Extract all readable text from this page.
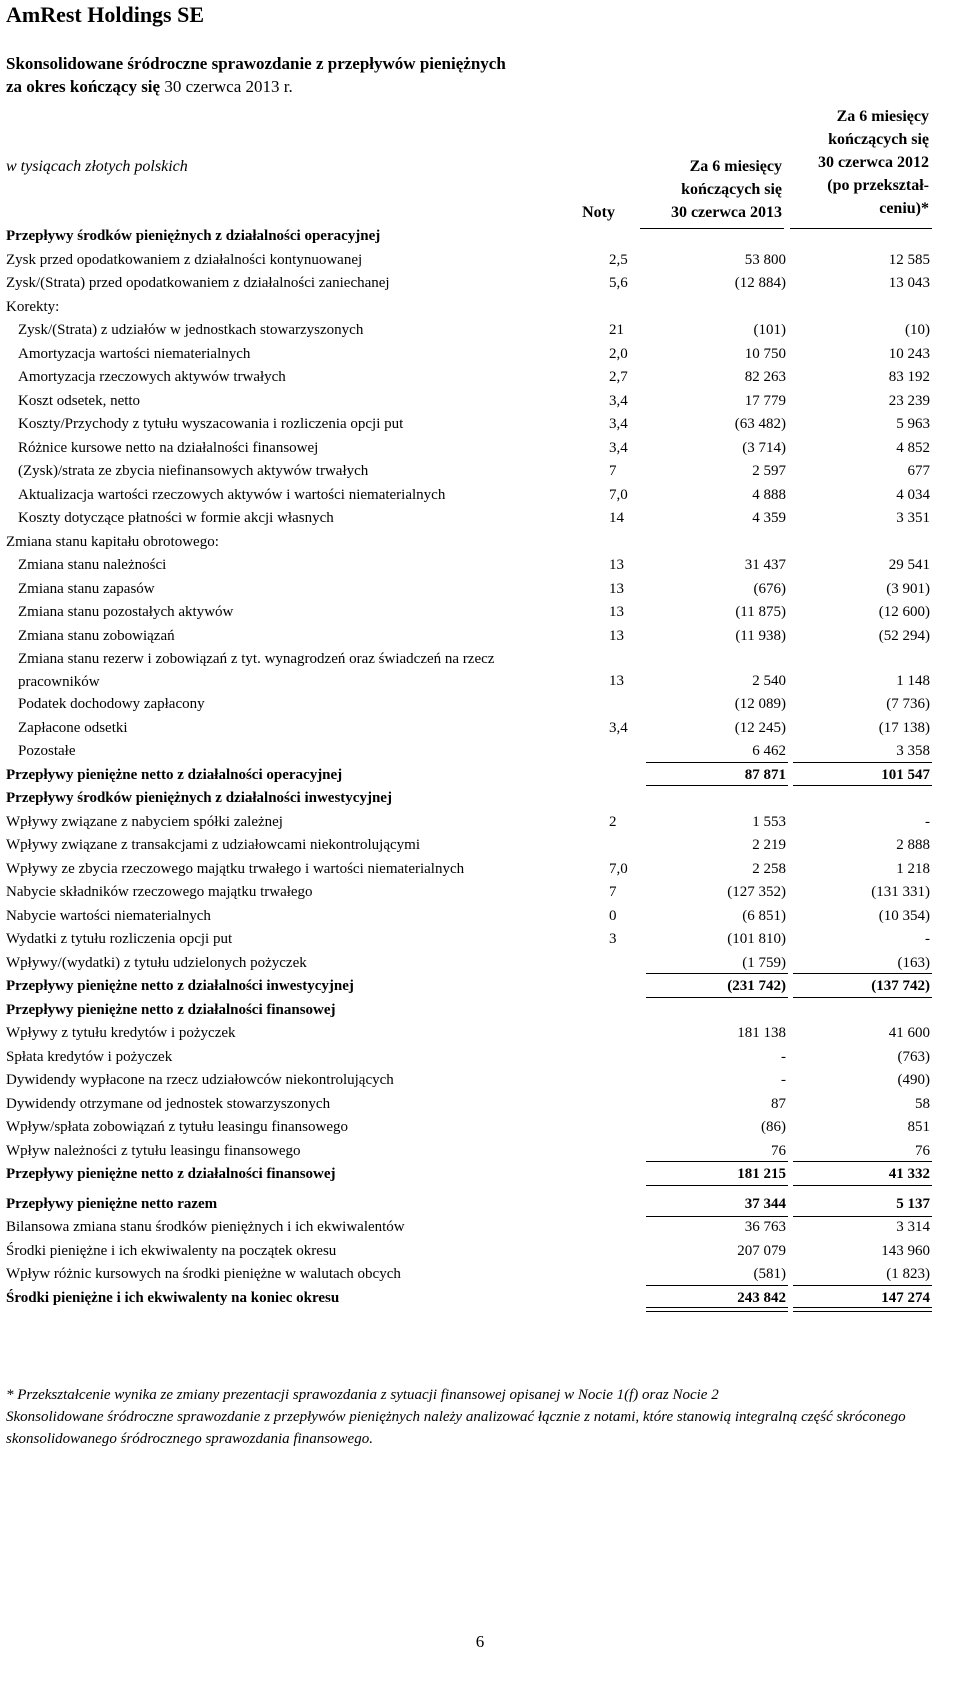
AmRest Holdings SE
Skonsolidowane śródroczne sprawozdanie z przepływów pieniężnych
za okres kończący się 30 czerwca 2013 r.
w tysiącach złotych polskich
Noty
Za 6 miesięcy
kończących się
30 czerwca 2013
Za 6 miesięcy
kończących się
30 czerwca 2012
(po przekształ-
ceniu)*
Przepływy środków pieniężnych z działalności operacyjnej
Zysk przed opodatkowaniem z działalności kontynuowanej	2,5	53 800	12 585
Zysk/(Strata) przed opodatkowaniem z działalności zaniechanej	5,6	(12 884)	13 043
Korekty:
Zysk/(Strata) z udziałów w jednostkach stowarzyszonych	21	(101)	(10)
Amortyzacja wartości niematerialnych	2,0	10 750	10 243
Amortyzacja rzeczowych aktywów trwałych	2,7	82 263	83 192
Koszt odsetek, netto	3,4	17 779	23 239
Koszty/Przychody z tytułu wyszacowania i rozliczenia opcji put	3,4	(63 482)	5 963
Różnice kursowe netto na działalności finansowej	3,4	(3 714)	4 852
(Zysk)/strata ze zbycia niefinansowych aktywów trwałych	7	2 597	677
Aktualizacja wartości rzeczowych aktywów i wartości niematerialnych	7,0	4 888	4 034
Koszty dotyczące płatności w formie akcji własnych	14	4 359	3 351
Zmiana stanu kapitału obrotowego:
Zmiana stanu należności	13	31 437	29 541
Zmiana stanu zapasów	13	(676)	(3 901)
Zmiana stanu pozostałych aktywów	13	(11 875)	(12 600)
Zmiana stanu zobowiązań	13	(11 938)	(52 294)
Zmiana stanu rezerw i zobowiązań z tyt. wynagrodzeń oraz świadczeń na rzecz pracowników	13	2 540	1 148
Podatek dochodowy zapłacony	(12 089)	(7 736)
Zapłacone odsetki	3,4	(12 245)	(17 138)
Pozostałe	6 462	3 358
Przepływy pieniężne netto z działalności operacyjnej	87 871	101 547
Przepływy środków pieniężnych z działalności inwestycyjnej
Wpływy związane z nabyciem spółki zależnej	2	1 553	-
Wpływy związane z transakcjami z udziałowcami niekontrolującymi	2 219	2 888
Wpływy ze zbycia rzeczowego majątku trwałego i wartości niematerialnych	7,0	2 258	1 218
Nabycie składników rzeczowego majątku trwałego	7	(127 352)	(131 331)
Nabycie wartości niematerialnych	0	(6 851)	(10 354)
Wydatki z tytułu rozliczenia opcji put	3	(101 810)	-
Wpływy/(wydatki) z tytułu udzielonych pożyczek	(1 759)	(163)
Przepływy pieniężne netto z działalności inwestycyjnej	(231 742)	(137 742)
Przepływy pieniężne netto z działalności finansowej
Wpływy z tytułu kredytów i pożyczek	181 138	41 600
Spłata kredytów i pożyczek	-	(763)
Dywidendy wypłacone na rzecz udziałowców niekontrolujących	-	(490)
Dywidendy otrzymane od jednostek stowarzyszonych	87	58
Wpływ/spłata zobowiązań z tytułu leasingu finansowego	(86)	851
Wpływ należności z tytułu leasingu finansowego	76	76
Przepływy pieniężne netto z działalności finansowej	181 215	41 332
Przepływy pieniężne netto razem	37 344	5 137
Bilansowa zmiana stanu środków pieniężnych i ich ekwiwalentów	36 763	3 314
Środki pieniężne i ich ekwiwalenty na początek okresu	207 079	143 960
Wpływ różnic kursowych na środki pieniężne w walutach obcych	(581)	(1 823)
Środki pieniężne i ich ekwiwalenty na koniec okresu	243 842	147 274
* Przekształcenie wynika ze zmiany prezentacji sprawozdania z sytuacji finansowej opisanej w Nocie 1(f) oraz Nocie 2
Skonsolidowane śródroczne sprawozdanie z przepływów pieniężnych należy analizować łącznie z notami, które stanowią integralną część skróconego skonsolidowanego śródrocznego sprawozdania finansowego.
6
